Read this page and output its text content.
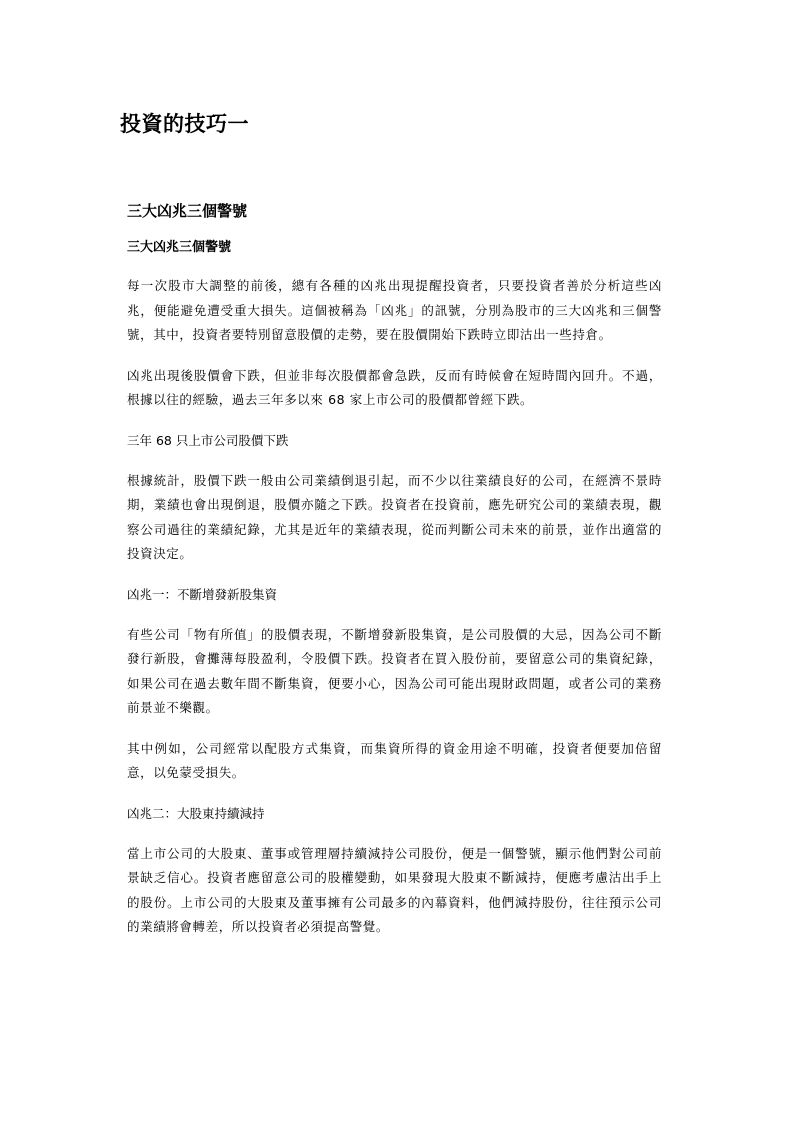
投資的技巧一
三大凶兆三個警號
三大凶兆三個警號

每一次股市大調整的前後，總有各種的凶兆出現提醒投資者，只要投資者善於分析這些凶兆，便能避免遭受重大損失。這個被稱為「凶兆」的訊號，分別為股市的三大凶兆和三個警號，其中，投資者要特別留意股價的走勢，要在股價開始下跌時立即沽出一些持倉。

凶兆出現後股價會下跌，但並非每次股價都會急跌，反而有時候會在短時間內回升。不過，根據以往的經驗，過去三年多以來 68 家上市公司的股價都曾經下跌。

三年 68 只上市公司股價下跌

根據統計，股價下跌一般由公司業績倒退引起，而不少以往業績良好的公司，在經濟不景時期，業績也會出現倒退，股價亦隨之下跌。投資者在投資前，應先研究公司的業績表現，觀察公司過往的業績紀錄，尤其是近年的業績表現，從而判斷公司未來的前景，並作出適當的投資決定。

凶兆一：不斷增發新股集資

有些公司「物有所值」的股價表現，不斷增發新股集資，是公司股價的大忌，因為公司不斷發行新股，會攤薄每股盈利，令股價下跌。投資者在買入股份前，要留意公司的集資紀錄，如果公司在過去數年間不斷集資，便要小心，因為公司可能出現財政問題，或者公司的業務前景並不樂觀。

其中例如，公司經常以配股方式集資，而集資所得的資金用途不明確，投資者便要加倍留意，以免蒙受損失。

凶兆二：大股東持續減持

當上市公司的大股東、董事或管理層持續減持公司股份，便是一個警號，顯示他們對公司前景缺乏信心。投資者應留意公司的股權變動，如果發現大股東不斷減持，便應考慮沽出手上的股份。上市公司的大股東及董事擁有公司最多的內幕資料，他們減持股份，往往預示公司的業績將會轉差，所以投資者必須提高警覺。
